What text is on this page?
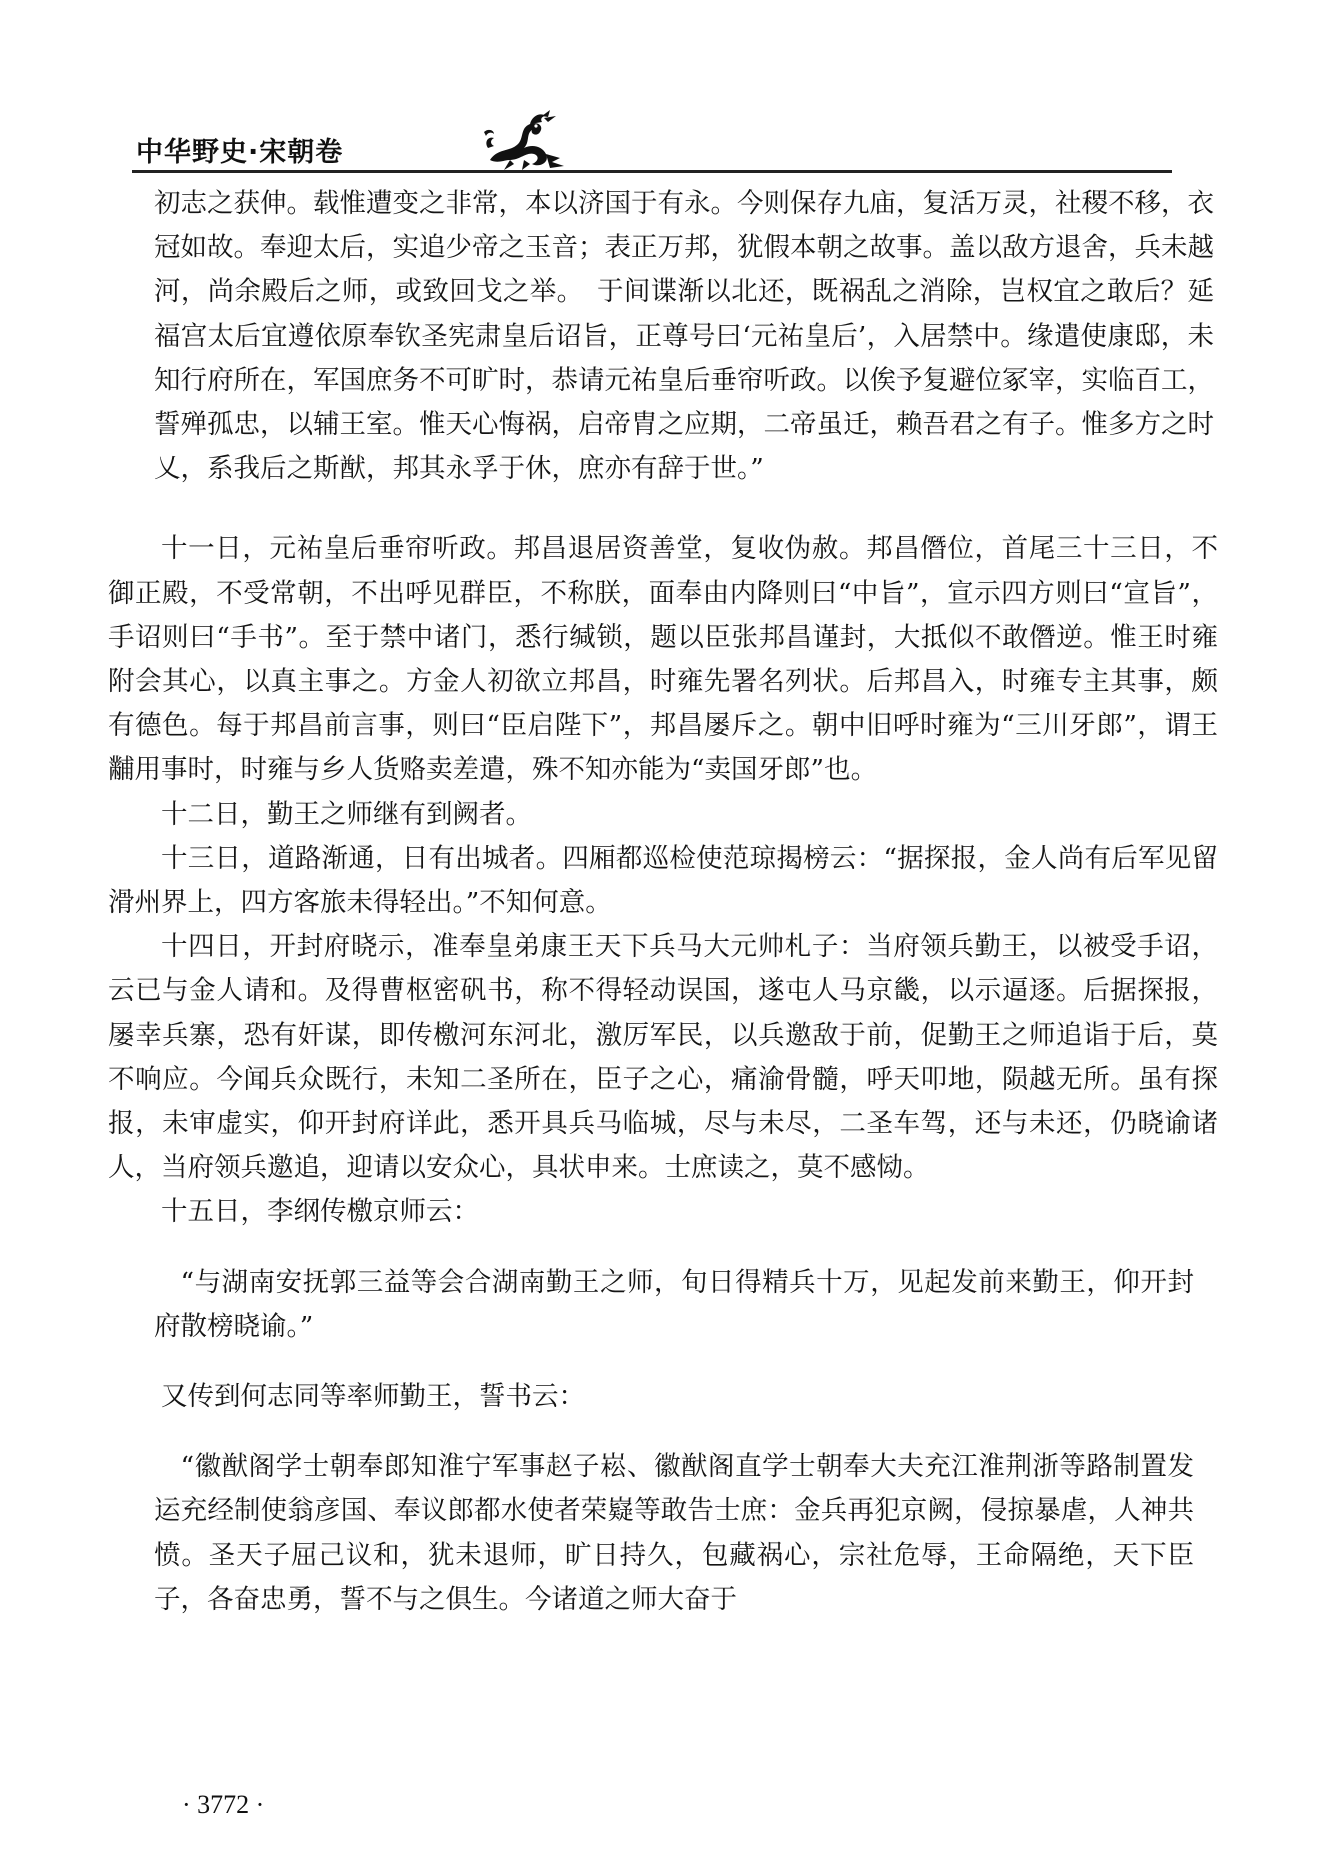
中华野史·宋朝卷

初志之获伸。载惟遭变之非常，本以济国于有永。今则保存九庙，复活万灵，社稷不移，衣冠如故。奉迎太后，实追少帝之玉音；表正万邦，犹假本朝之故事。盖以敌方退舍，兵未越河，尚余殿后之师，或致回戈之举。　于间谍渐以北还，既祸乱之消除，岂权宜之敢后？延福宫太后宜遵依原奉钦圣宪肃皇后诏旨，正尊号曰‘元祐皇后’，入居禁中。缘遣使康邸，未知行府所在，军国庶务不可旷时，恭请元祐皇后垂帘听政。以俟予复避位冢宰，实临百工，誓殚孤忠，以辅王室。惟天心悔祸，启帝胄之应期，二帝虽迁，赖吾君之有子。惟多方之时乂，系我后之斯猷，邦其永孚于休，庶亦有辞于世。”

十一日，元祐皇后垂帘听政。邦昌退居资善堂，复收伪赦。邦昌僭位，首尾三十三日，不御正殿，不受常朝，不出呼见群臣，不称朕，面奉由内降则曰“中旨”，宣示四方则曰“宣旨”，手诏则曰“手书”。至于禁中诸门，悉行缄锁，题以臣张邦昌谨封，大抵似不敢僭逆。惟王时雍附会其心，以真主事之。方金人初欲立邦昌，时雍先署名列状。后邦昌入，时雍专主其事，颇有德色。每于邦昌前言事，则曰“臣启陛下”，邦昌屡斥之。朝中旧呼时雍为“三川牙郎”，谓王黼用事时，时雍与乡人货赂卖差遣，殊不知亦能为“卖国牙郎”也。

十二日，勤王之师继有到阙者。

十三日，道路渐通，日有出城者。四厢都巡检使范琼揭榜云：“据探报，金人尚有后军见留滑州界上，四方客旅未得轻出。”不知何意。

十四日，开封府晓示，准奉皇弟康王天下兵马大元帅札子：当府领兵勤王，以被受手诏，云已与金人请和。及得曹枢密矾书，称不得轻动误国，遂屯人马京畿，以示逼逐。后据探报，屡幸兵寨，恐有奸谋，即传檄河东河北，激厉军民，以兵邀敌于前，促勤王之师追诣于后，莫不响应。今闻兵众既行，未知二圣所在，臣子之心，痛渝骨髓，呼天叩地，陨越无所。虽有探报，未审虚实，仰开封府详此，悉开具兵马临城，尽与未尽，二圣车驾，还与未还，仍晓谕诸人，当府领兵邀追，迎请以安众心，具状申来。士庶读之，莫不感恸。

十五日，李纲传檄京师云：

“与湖南安抚郭三益等会合湖南勤王之师，旬日得精兵十万，见起发前来勤王，仰开封府散榜晓谕。”

又传到何志同等率师勤王，誓书云：

“徽猷阁学士朝奉郎知淮宁军事赵子崧、徽猷阁直学士朝奉大夫充江淮荆浙等路制置发运充经制使翁彦国、奉议郎都水使者荣嶷等敢告士庶：金兵再犯京阙，侵掠暴虐，人神共愤。圣天子屈己议和，犹未退师，旷日持久，包藏祸心，宗社危辱，王命隔绝，天下臣子，各奋忠勇，誓不与之俱生。今诸道之师大奋于

· 3772 ·
